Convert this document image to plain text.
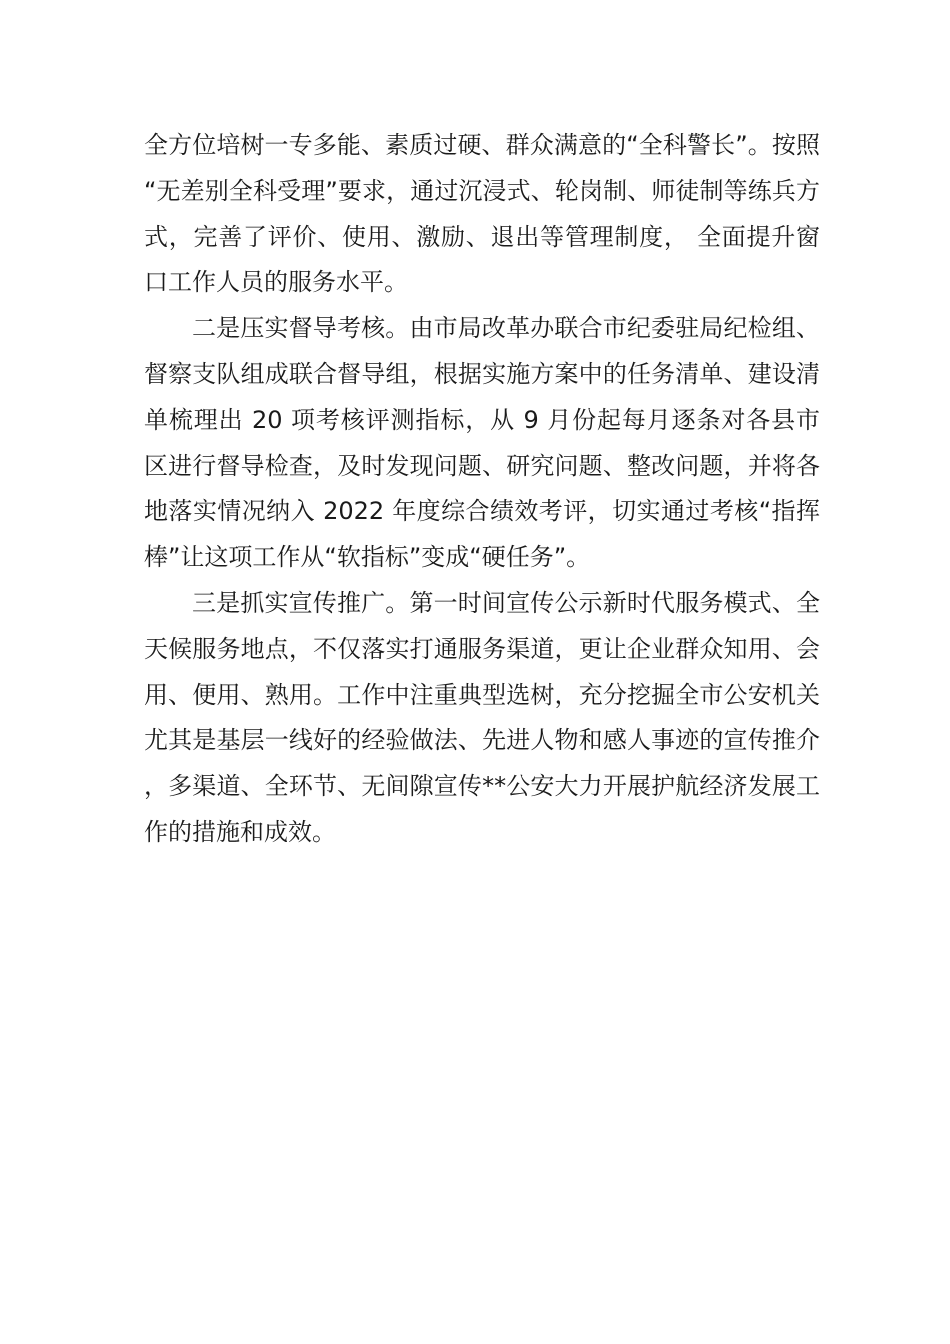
全方位培树一专多能、素质过硬、群众满意的“全科警长”。按照“无差别全科受理”要求，通过沉浸式、轮岗制、师徒制等练兵方式，完善了评价、使用、激励、退出等管理制度， 全面提升窗口工作人员的服务水平。

二是压实督导考核。由市局改革办联合市纪委驻局纪检组、督察支队组成联合督导组，根据实施方案中的任务清单、建设清单梳理出 20 项考核评测指标，从 9 月份起每月逐条对各县市区进行督导检查，及时发现问题、研究问题、整改问题，并将各地落实情况纳入 2022 年度综合绩效考评，切实通过考核“指挥棒”让这项工作从“软指标”变成“硬任务”。

三是抓实宣传推广。第一时间宣传公示新时代服务模式、全天候服务地点，不仅落实打通服务渠道，更让企业群众知用、会用、便用、熟用。工作中注重典型选树，充分挖掘全市公安机关尤其是基层一线好的经验做法、先进人物和感人事迹的宣传推介，多渠道、全环节、无间隙宣传**公安大力开展护航经济发展工作的措施和成效。
